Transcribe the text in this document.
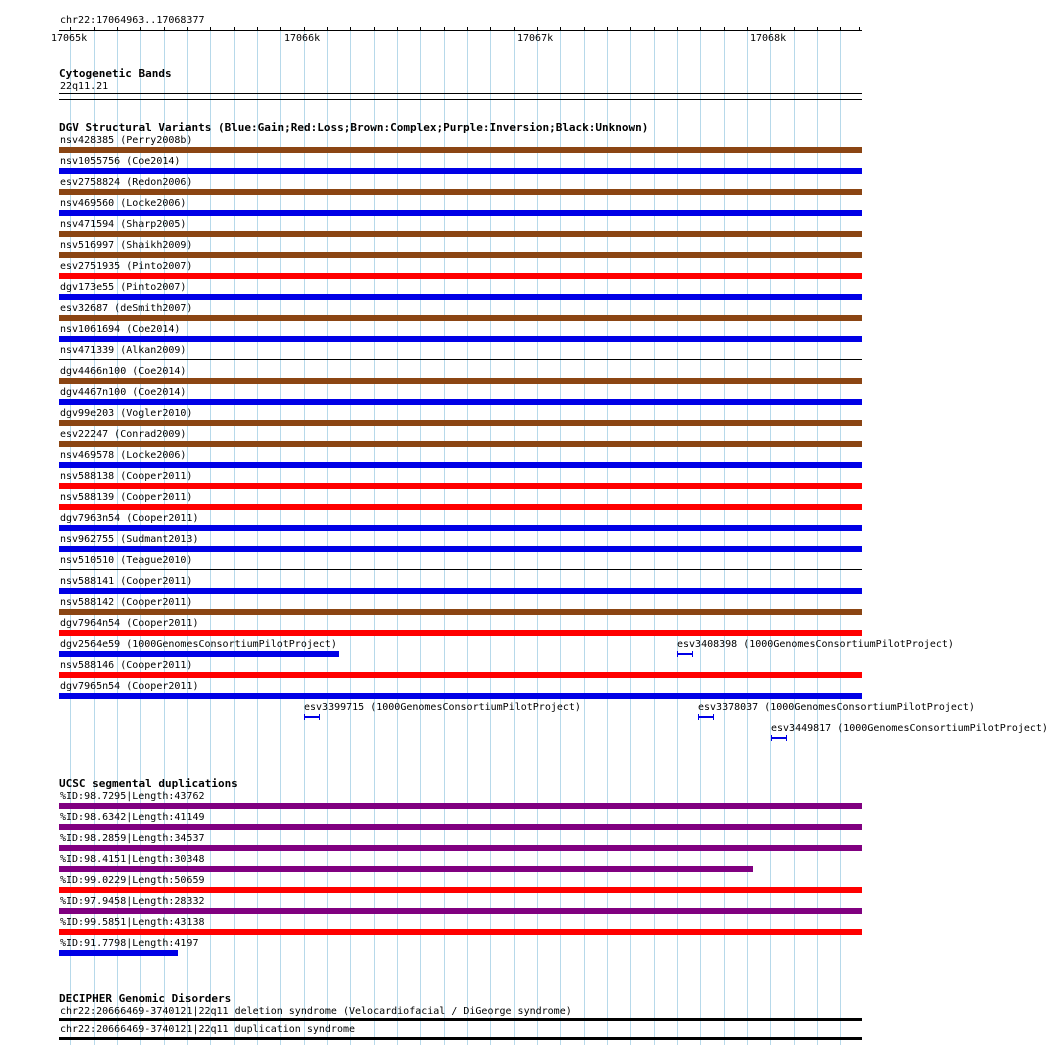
chr22:17064963..17068377
17065k	17066k	17067k	17068k
Cytogenetic Bands
22q11.21
DGV Structural Variants (Blue:Gain;Red:Loss;Brown:Complex;Purple:Inversion;Black:Unknown)
nsv428385 (Perry2008b)
nsv1055756 (Coe2014)
esv2758824 (Redon2006)
nsv469560 (Locke2006)
nsv471594 (Sharp2005)
nsv516997 (Shaikh2009)
esv2751935 (Pinto2007)
dgv173e55 (Pinto2007)
esv32687 (deSmith2007)
nsv1061694 (Coe2014)
nsv471339 (Alkan2009)
dgv4466n100 (Coe2014)
dgv4467n100 (Coe2014)
dgv99e203 (Vogler2010)
esv22247 (Conrad2009)
nsv469578 (Locke2006)
nsv588138 (Cooper2011)
nsv588139 (Cooper2011)
dgv7963n54 (Cooper2011)
nsv962755 (Sudmant2013)
nsv510510 (Teague2010)
nsv588141 (Cooper2011)
nsv588142 (Cooper2011)
dgv7964n54 (Cooper2011)
dgv2564e59 (1000GenomesConsortiumPilotProject)
nsv588146 (Cooper2011)
dgv7965n54 (Cooper2011)
esv3408398 (1000GenomesConsortiumPilotProject)
esv3399715 (1000GenomesConsortiumPilotProject)	esv3378037 (1000GenomesConsortiumPilotProject)
esv3449817 (1000GenomesConsortiumPilotProject)
UCSC segmental duplications
%ID:98.7295|Length:43762
%ID:98.6342|Length:41149
%ID:98.2859|Length:34537
%ID:98.4151|Length:30348
%ID:99.0229|Length:50659
%ID:97.9458|Length:28332
%ID:99.5851|Length:43138
%ID:91.7798|Length:4197
DECIPHER Genomic Disorders
chr22:20666469-3740121|22q11 deletion syndrome (Velocardiofacial / DiGeorge syndrome)
chr22:20666469-3740121|22q11 duplication syndrome
